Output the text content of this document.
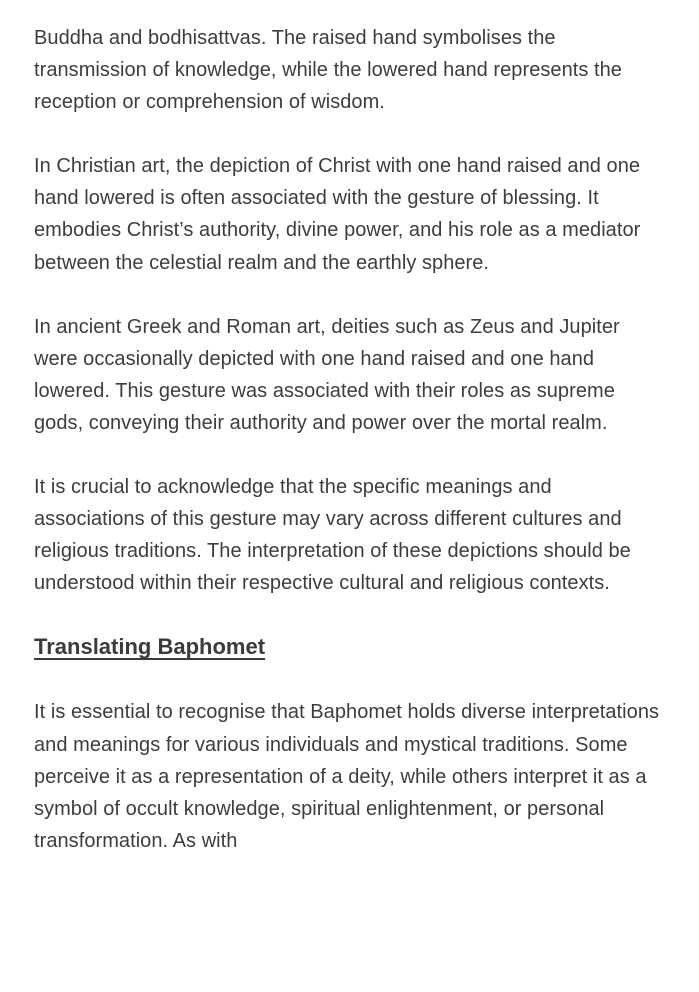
Buddha and bodhisattvas. The raised hand symbolises the transmission of knowledge, while the lowered hand represents the reception or comprehension of wisdom.

In Christian art, the depiction of Christ with one hand raised and one hand lowered is often associated with the gesture of blessing. It embodies Christ’s authority, divine power, and his role as a mediator between the celestial realm and the earthly sphere.

In ancient Greek and Roman art, deities such as Zeus and Jupiter were occasionally depicted with one hand raised and one hand lowered. This gesture was associated with their roles as supreme gods, conveying their authority and power over the mortal realm.

It is crucial to acknowledge that the specific meanings and associations of this gesture may vary across different cultures and religious traditions. The interpretation of these depictions should be understood within their respective cultural and religious contexts.

Translating Baphomet

It is essential to recognise that Baphomet holds diverse interpretations and meanings for various individuals and mystical traditions. Some perceive it as a representation of a deity, while others interpret it as a symbol of occult knowledge, spiritual enlightenment, or personal transformation. As with
